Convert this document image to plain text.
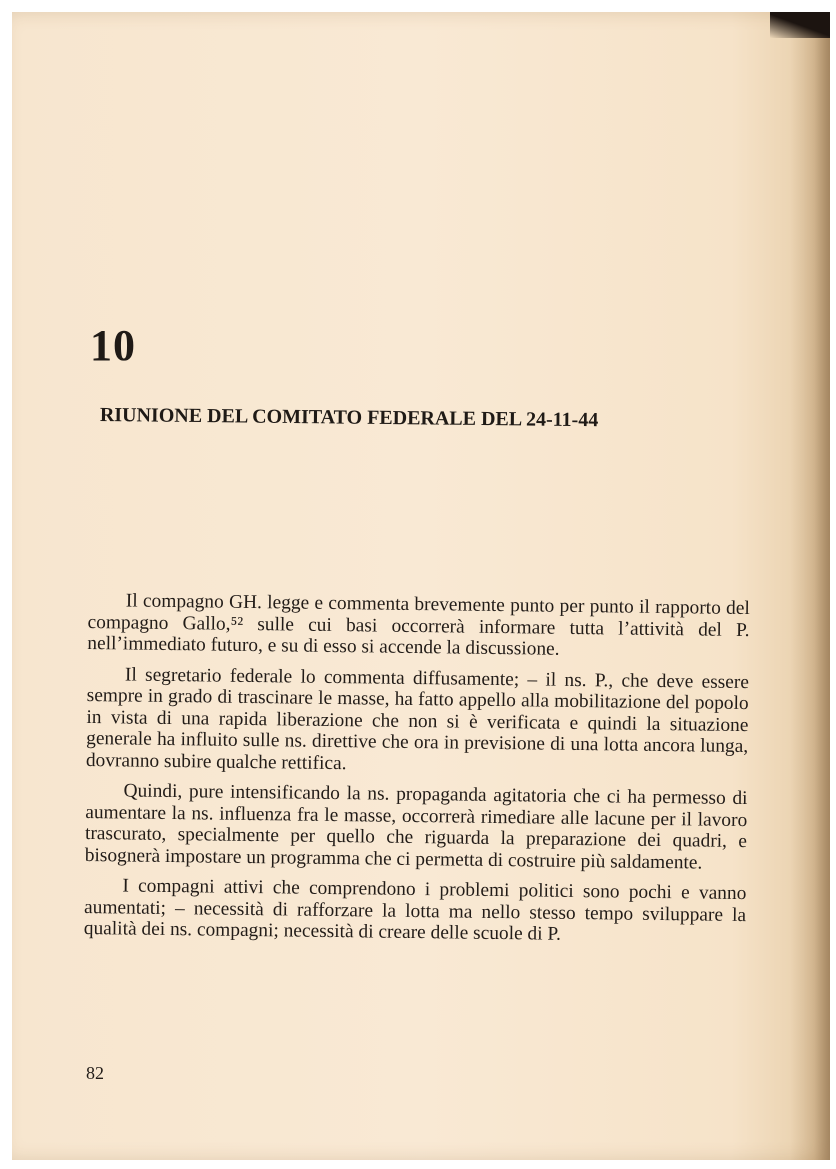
10
RIUNIONE DEL COMITATO FEDERALE DEL 24-11-44

Il compagno GH. legge e commenta brevemente punto per punto il rapporto del compagno Gallo,⁵² sulle cui basi occorrerà informare tutta l’attività del P. nell’immediato futuro, e su di esso si accende la discussione.

Il segretario federale lo commenta diffusamente; – il ns. P., che deve essere sempre in grado di trascinare le masse, ha fatto appello alla mobilitazione del popolo in vista di una rapida liberazione che non si è verificata e quindi la situazione generale ha influito sulle ns. direttive che ora in previsione di una lotta ancora lunga, dovranno subire qualche rettifica.

Quindi, pure intensificando la ns. propaganda agitatoria che ci ha permesso di aumentare la ns. influenza fra le masse, occorrerà rimediare alle lacune per il lavoro trascurato, specialmente per quello che riguarda la preparazione dei quadri, e bisognerà impostare un programma che ci permetta di costruire più saldamente.

I compagni attivi che comprendono i problemi politici sono pochi e vanno aumentati; – necessità di rafforzare la lotta ma nello stesso tempo sviluppare la qualità dei ns. compagni; necessità di creare delle scuole di P.

82
